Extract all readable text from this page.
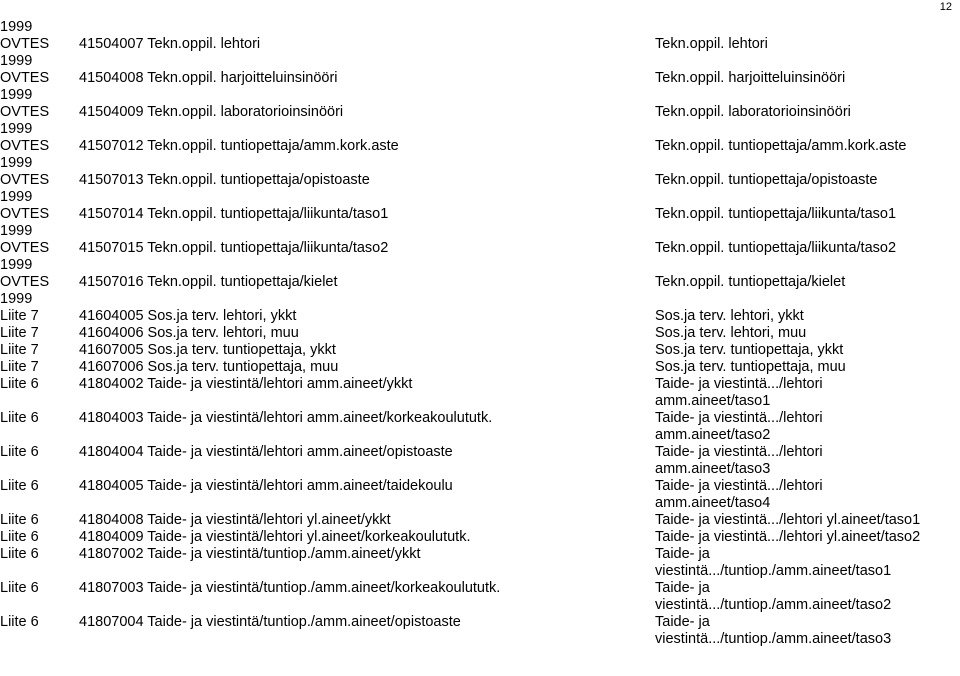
12
1999
OVTES 41504007 Tekn.oppil. lehtori	Tekn.oppil. lehtori
1999
OVTES 41504008 Tekn.oppil. harjoitteluinsinööri	Tekn.oppil. harjoitteluinsinööri
1999
OVTES 41504009 Tekn.oppil. laboratorioinsinööri	Tekn.oppil. laboratorioinsinööri
1999
OVTES 41507012 Tekn.oppil. tuntiopettaja/amm.kork.aste	Tekn.oppil. tuntiopettaja/amm.kork.aste
1999
OVTES 41507013 Tekn.oppil. tuntiopettaja/opistoaste	Tekn.oppil. tuntiopettaja/opistoaste
1999
OVTES 41507014 Tekn.oppil. tuntiopettaja/liikunta/taso1	Tekn.oppil. tuntiopettaja/liikunta/taso1
1999
OVTES 41507015 Tekn.oppil. tuntiopettaja/liikunta/taso2	Tekn.oppil. tuntiopettaja/liikunta/taso2
1999
OVTES 41507016 Tekn.oppil. tuntiopettaja/kielet	Tekn.oppil. tuntiopettaja/kielet
1999
Liite 7	41604005 Sos.ja terv. lehtori, ykkt	Sos.ja terv. lehtori, ykkt
Liite 7	41604006 Sos.ja terv. lehtori, muu	Sos.ja terv. lehtori, muu
Liite 7	41607005 Sos.ja terv. tuntiopettaja, ykkt	Sos.ja terv. tuntiopettaja, ykkt
Liite 7	41607006 Sos.ja terv. tuntiopettaja, muu	Sos.ja terv. tuntiopettaja, muu
Liite 6	41804002 Taide- ja viestintä/lehtori amm.aineet/ykkt	Taide- ja viestintä.../lehtori
amm.aineet/taso1
Liite 6	41804003 Taide- ja viestintä/lehtori amm.aineet/korkeakoulututk.	Taide- ja viestintä.../lehtori
amm.aineet/taso2
Liite 6	41804004 Taide- ja viestintä/lehtori amm.aineet/opistoaste	Taide- ja viestintä.../lehtori
amm.aineet/taso3
Liite 6	41804005 Taide- ja viestintä/lehtori amm.aineet/taidekoulu	Taide- ja viestintä.../lehtori
amm.aineet/taso4
Liite 6	41804008 Taide- ja viestintä/lehtori yl.aineet/ykkt	Taide- ja viestintä.../lehtori yl.aineet/taso1
Liite 6	41804009 Taide- ja viestintä/lehtori yl.aineet/korkeakoulututk.	Taide- ja viestintä.../lehtori yl.aineet/taso2
Liite 6	41807002 Taide- ja viestintä/tuntiop./amm.aineet/ykkt	Taide- ja
viestintä.../tuntiop./amm.aineet/taso1
Liite 6	41807003 Taide- ja viestintä/tuntiop./amm.aineet/korkeakoulututk.	Taide- ja
viestintä.../tuntiop./amm.aineet/taso2
Liite 6	41807004 Taide- ja viestintä/tuntiop./amm.aineet/opistoaste	Taide- ja
viestintä.../tuntiop./amm.aineet/taso3
